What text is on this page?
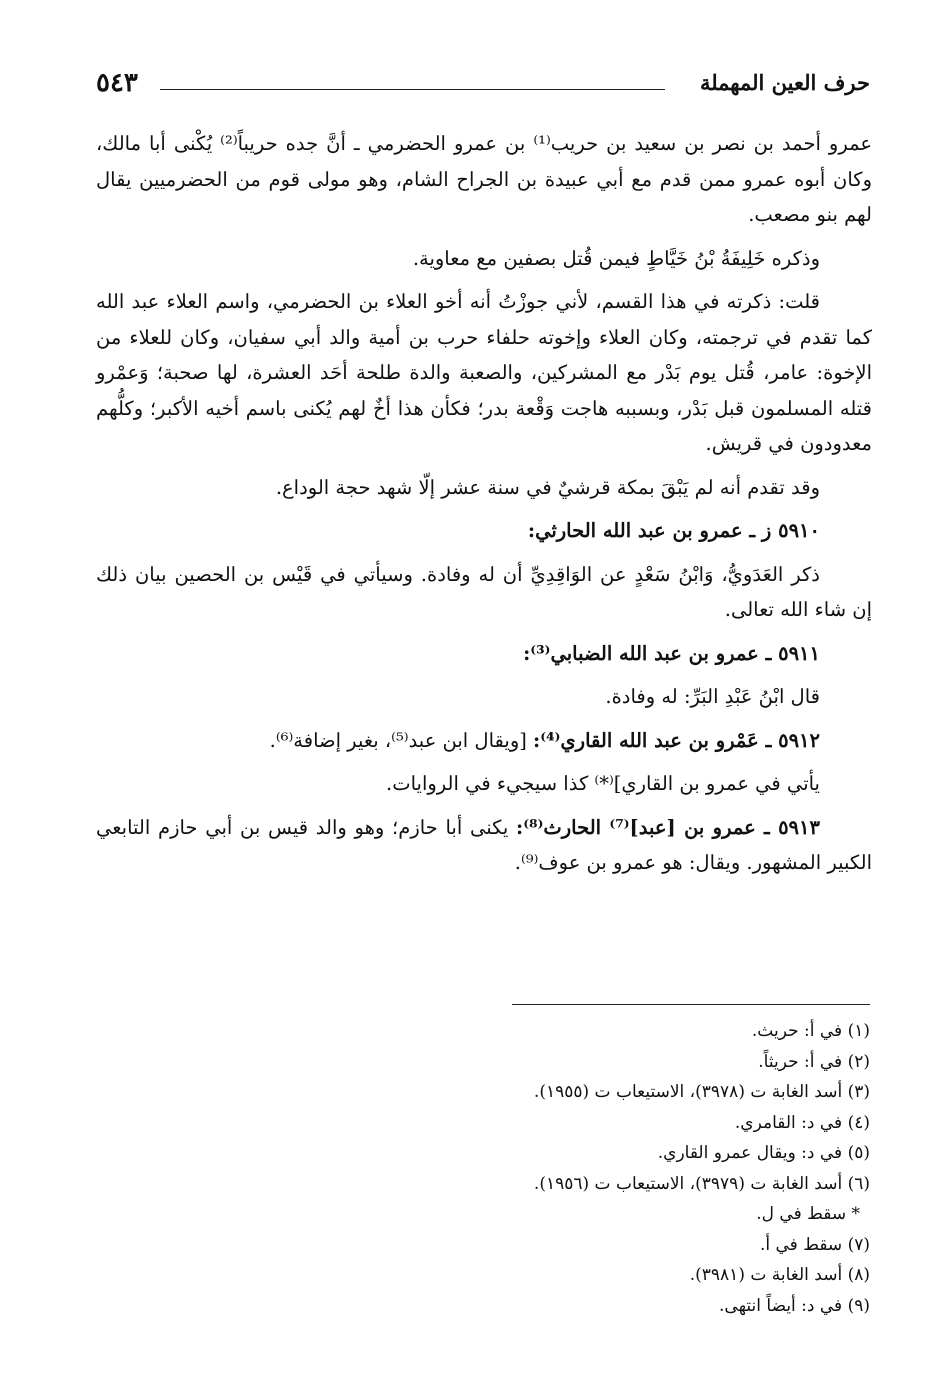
حرف العين المهملة
٥٤٣

عمرو أحمد بن نصر بن سعيد بن حريب⁽¹⁾ بن عمرو الحضرمي ـ أنَّ جده حريباً⁽²⁾ يُكْنى أبا مالك، وكان أبوه عمرو ممن قدم مع أبي عبيدة بن الجراح الشام، وهو مولى قوم من الحضرميين يقال لهم بنو مصعب.

وذكره خَلِيفَةُ بْنُ خَيَّاطٍ فيمن قُتل بصفين مع معاوية.

قلت: ذكرته في هذا القسم، لأني جوزْتُ أنه أخو العلاء بن الحضرمي، واسم العلاء عبد الله كما تقدم في ترجمته، وكان العلاء وإخوته حلفاء حرب بن أمية والد أبي سفيان، وكان للعلاء من الإخوة: عامر، قُتل يوم بَدْر مع المشركين، والصعبة والدة طلحة أحَد العشرة، لها صحبة؛ وَعمْرو قتله المسلمون قبل بَدْر، وبسببه هاجت وَقْعة بدر؛ فكأن هذا أخٌ لهم يُكنى باسم أخيه الأكبر؛ وكلُّهم معدودون في قريش.

وقد تقدم أنه لم يَبْقَ بمكة قرشيٌ في سنة عشر إلّا شهد حجة الوداع.

٥٩١٠ ز ـ عمرو بن عبد الله الحارثي:

ذكر العَدَويُّ، وَابْنُ سَعْدٍ عن الوَاقِدِيِّ أن له وفادة. وسيأتي في قَيْس بن الحصين بيان ذلك إن شاء الله تعالى.

٥٩١١ ـ عمرو بن عبد الله الضبابي⁽³⁾:

قال ابْنُ عَبْدِ البَرِّ: له وفادة.

٥٩١٢ ـ عَمْرو بن عبد الله القاري⁽⁴⁾: [ويقال ابن عبد⁽⁵⁾، بغير إضافة⁽⁶⁾.

يأتي في عمرو بن القاري]⁽*⁾ كذا سيجيء في الروايات.

٥٩١٣ ـ عمرو بن [عبد]⁽⁷⁾ الحارث⁽⁸⁾: يكنى أبا حازم؛ وهو والد قيس بن أبي حازم التابعي الكبير المشهور. ويقال: هو عمرو بن عوف⁽⁹⁾.

(١) في أ: حريث.
(٢) في أ: حريثاً.
(٣) أسد الغابة ت (٣٩٧٨)، الاستيعاب ت (١٩٥٥).
(٤) في د: القامري.
(٥) في د: ويقال عمرو القاري.
(٦) أسد الغابة ت (٣٩٧٩)، الاستيعاب ت (١٩٥٦).
* سقط في ل.
(٧) سقط في أ.
(٨) أسد الغابة ت (٣٩٨١).
(٩) في د: أيضاً انتهى.
